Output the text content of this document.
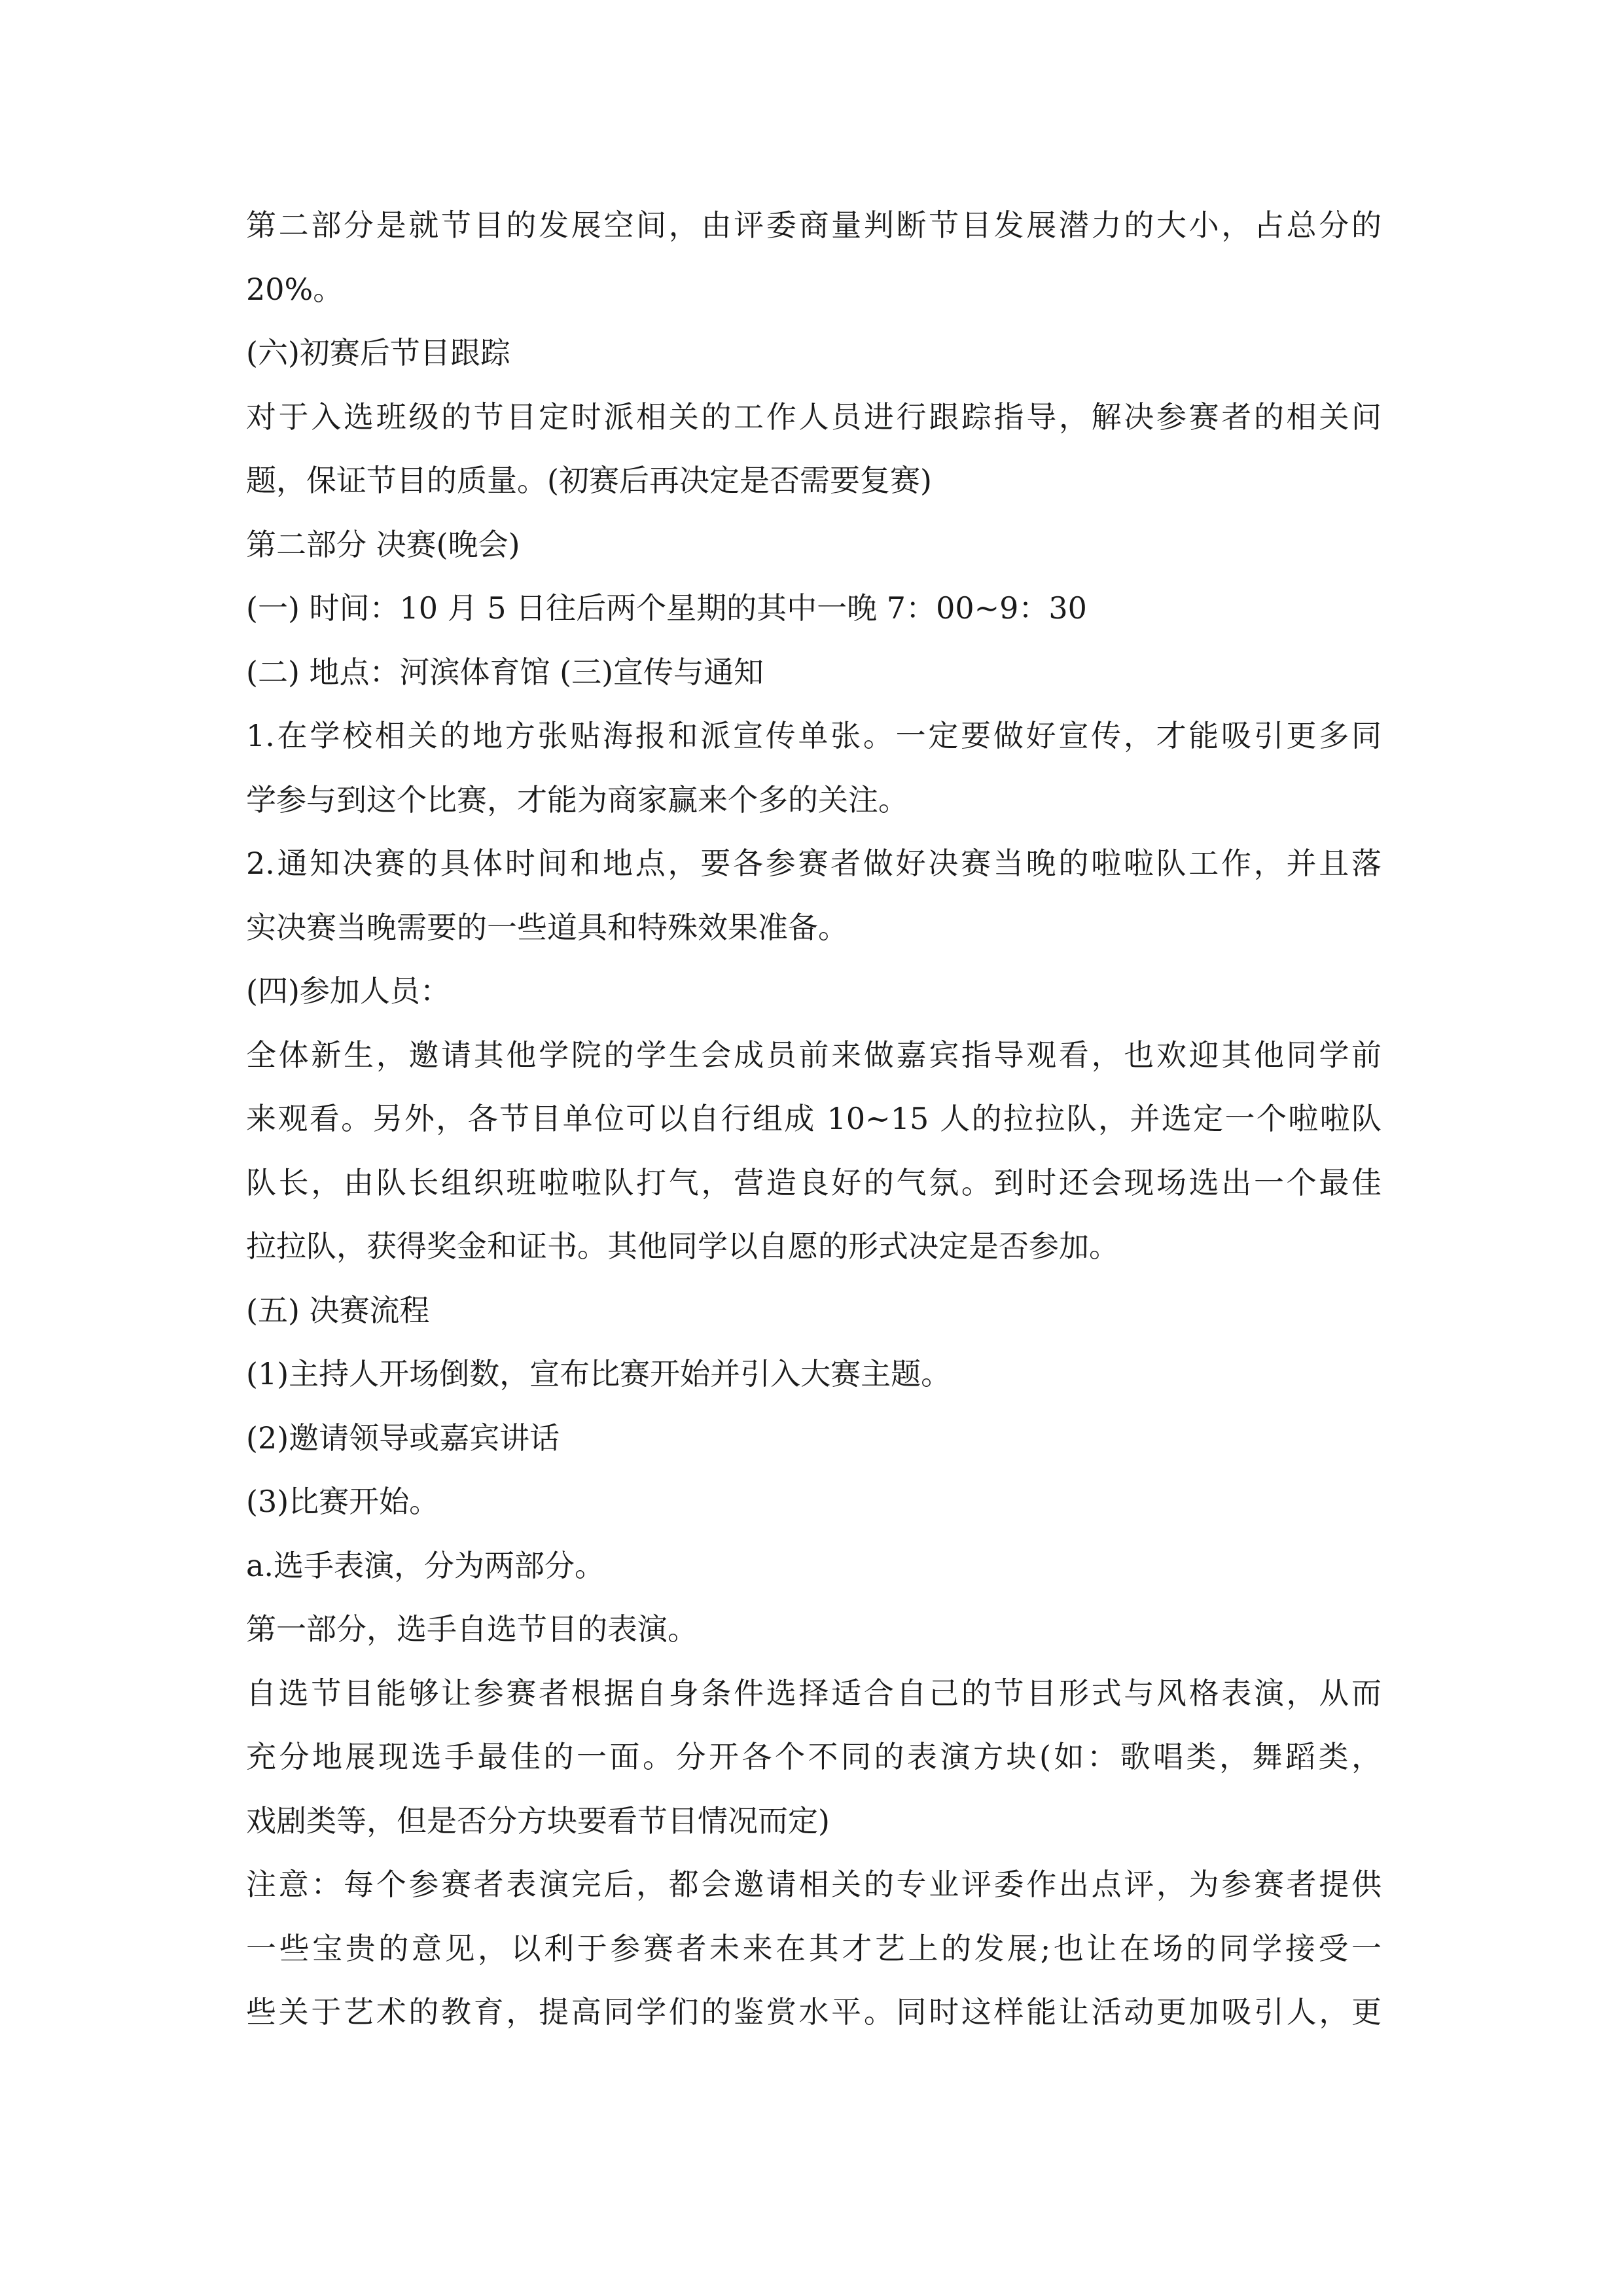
第二部分是就节目的发展空间，由评委商量判断节目发展潜力的大小，占总分的
20%。
(六)初赛后节目跟踪
对于入选班级的节目定时派相关的工作人员进行跟踪指导，解决参赛者的相关问
题，保证节目的质量。(初赛后再决定是否需要复赛)
第二部分 决赛(晚会)
(一) 时间：10 月 5 日往后两个星期的其中一晚 7：00~9：30
(二) 地点：河滨体育馆 (三)宣传与通知
1.在学校相关的地方张贴海报和派宣传单张。一定要做好宣传，才能吸引更多同
学参与到这个比赛，才能为商家赢来个多的关注。
2.通知决赛的具体时间和地点，要各参赛者做好决赛当晚的啦啦队工作，并且落
实决赛当晚需要的一些道具和特殊效果准备。
(四)参加人员：
全体新生，邀请其他学院的学生会成员前来做嘉宾指导观看，也欢迎其他同学前
来观看。另外，各节目单位可以自行组成 10~15 人的拉拉队，并选定一个啦啦队
队长，由队长组织班啦啦队打气，营造良好的气氛。到时还会现场选出一个最佳
拉拉队，获得奖金和证书。其他同学以自愿的形式决定是否参加。
(五) 决赛流程
(1)主持人开场倒数，宣布比赛开始并引入大赛主题。
(2)邀请领导或嘉宾讲话
(3)比赛开始。
a.选手表演，分为两部分。
第一部分，选手自选节目的表演。
自选节目能够让参赛者根据自身条件选择适合自己的节目形式与风格表演，从而
充分地展现选手最佳的一面。分开各个不同的表演方块(如：歌唱类，舞蹈类，
戏剧类等，但是否分方块要看节目情况而定)
注意：每个参赛者表演完后，都会邀请相关的专业评委作出点评，为参赛者提供
一些宝贵的意见，以利于参赛者未来在其才艺上的发展;也让在场的同学接受一
些关于艺术的教育，提高同学们的鉴赏水平。同时这样能让活动更加吸引人，更
